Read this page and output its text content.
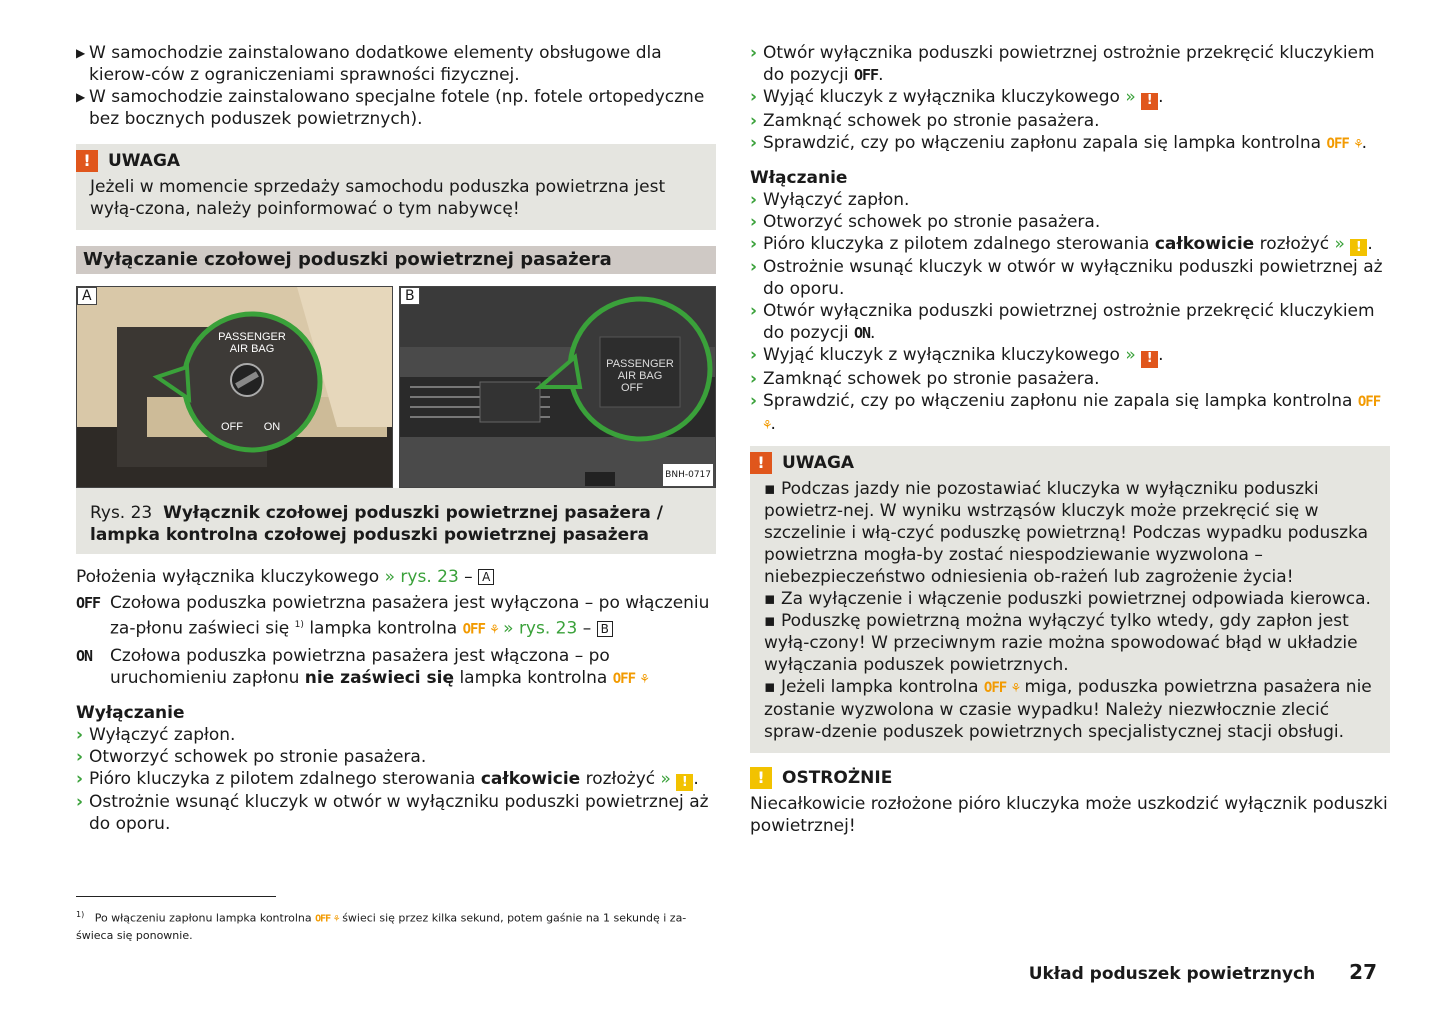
▶ W samochodzie zainstalowano dodatkowe elementy obsługowe dla kierow-ców z ograniczeniami sprawności fizycznej.

▶ W samochodzie zainstalowano specjalne fotele (np. fotele ortopedyczne bez bocznych poduszek powietrznych).

!	UWAGA

Jeżeli w momencie sprzedaży samochodu poduszka powietrzna jest wyłą-czona, należy poinformować o tym nabywcę!

Wyłączanie czołowej poduszki powietrznej pasażera
PASSENGER
AIR BAG
OFF ON
A
PASSENGER
AIR BAG
OFF
B
BNH-0717
Rys. 23 Wyłącznik czołowej poduszki powietrznej pasażera / lampka kontrolna czołowej poduszki powietrznej pasażera

Położenia wyłącznika kluczykowego » rys. 23 – A

OFF Czołowa poduszka powietrzna pasażera jest wyłączona – po włączeniu za-płonu zaświeci się $^{1)}$ lampka kontrolna OFF ⚘ » rys. 23 – B

ON	Czołowa poduszka powietrzna pasażera jest włączona – po uruchomieniu zapłonu nie zaświeci się lampka kontrolna OFF ⚘

Wyłączanie

› Wyłączyć zapłon.

› Otworzyć schowek po stronie pasażera.

› Pióro kluczyka z pilotem zdalnego sterowania całkowicie rozłożyć » ! .

› Ostrożnie wsunąć kluczyk w otwór w wyłączniku poduszki powietrznej aż do oporu.

› Otwór wyłącznika poduszki powietrznej ostrożnie przekręcić kluczykiem do pozycji OFF.

› Wyjąć kluczyk z wyłącznika kluczykowego » ! .

› Zamknąć schowek po stronie pasażera.

› Sprawdzić, czy po włączeniu zapłonu zapala się lampka kontrolna OFF ⚘.

Włączanie

› Wyłączyć zapłon.

› Otworzyć schowek po stronie pasażera.

› Pióro kluczyka z pilotem zdalnego sterowania całkowicie rozłożyć » ! .

› Ostrożnie wsunąć kluczyk w otwór w wyłączniku poduszki powietrznej aż do oporu.

› Otwór wyłącznika poduszki powietrznej ostrożnie przekręcić kluczykiem do pozycji ON.

› Wyjąć kluczyk z wyłącznika kluczykowego » ! .

› Zamknąć schowek po stronie pasażera.

› Sprawdzić, czy po włączeniu zapłonu nie zapala się lampka kontrolna OFF ⚘.

!	UWAGA

▪ Podczas jazdy nie pozostawiać kluczyka w wyłączniku poduszki powietrz-nej. W wyniku wstrząsów kluczyk może przekręcić się w szczelinie i włą-czyć poduszkę powietrzną! Podczas wypadku poduszka powietrzna mogła-by zostać niespodziewanie wyzwolona – niebezpieczeństwo odniesienia ob-rażeń lub zagrożenie życia!

▪ Za wyłączenie i włączenie poduszki powietrznej odpowiada kierowca.

▪ Poduszkę powietrzną można wyłączyć tylko wtedy, gdy zapłon jest wyłą-czony! W przeciwnym razie można spowodować błąd w układzie wyłączania poduszek powietrznych.

▪ Jeżeli lampka kontrolna OFF ⚘ miga, poduszka powietrzna pasażera nie zostanie wyzwolona w czasie wypadku! Należy niezwłocznie zlecić spraw-dzenie poduszek powietrznych specjalistycznej stacji obsługi.

!	OSTROŻNIE

Niecałkowicie rozłożone pióro kluczyka może uszkodzić wyłącznik poduszki powietrznej!

$^{1)}$ Po włączeniu zapłonu lampka kontrolna OFF ⚘ świeci się przez kilka sekund, potem gaśnie na 1 sekundę i za-świeca się ponownie.
Układ poduszek powietrznych 27
